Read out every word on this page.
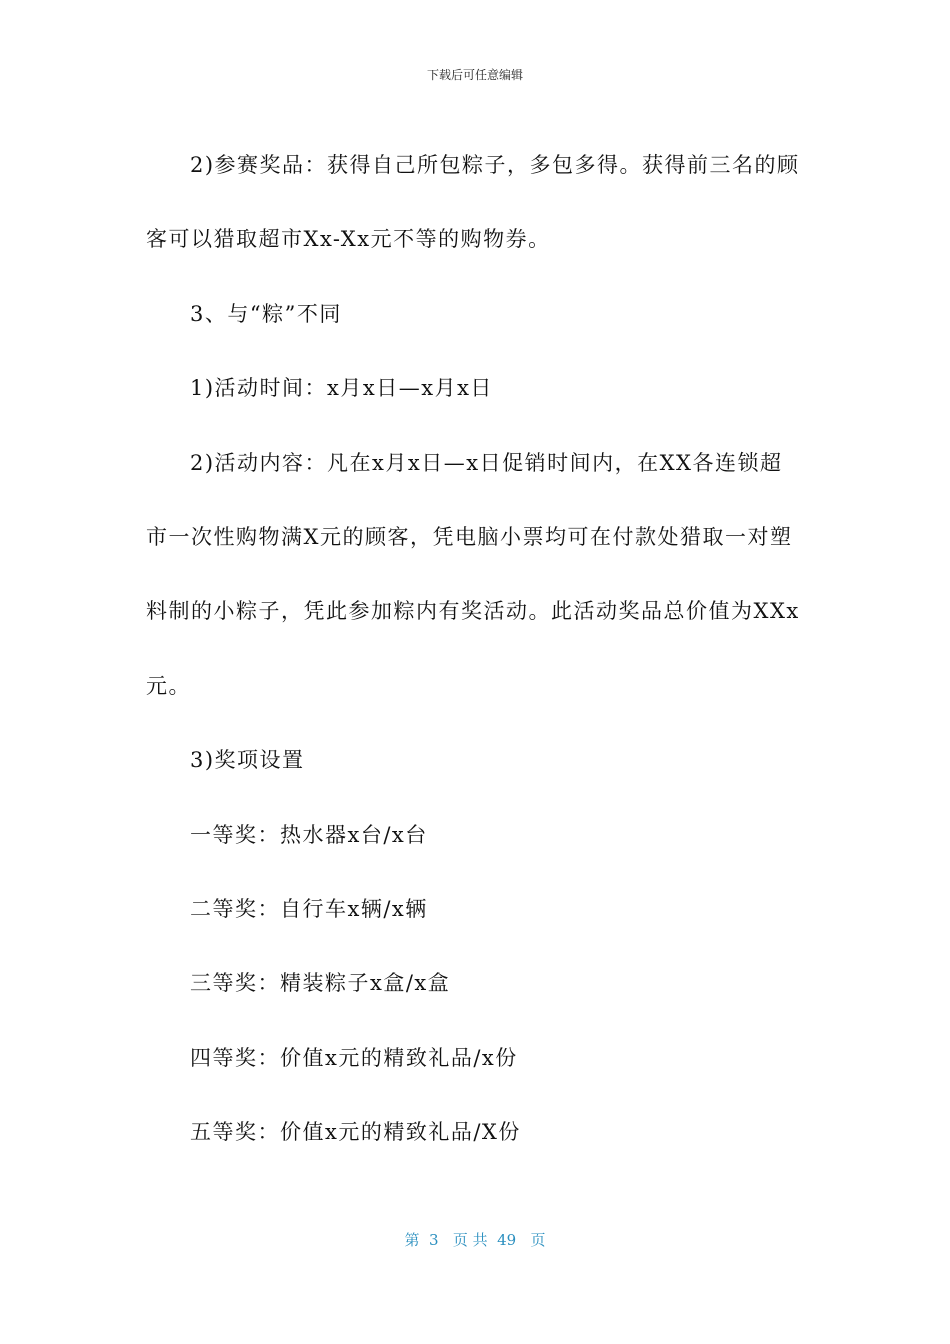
下载后可任意编辑
2)参赛奖品：获得自己所包粽子，多包多得。获得前三名的顾
客可以猎取超市Xx-Xx元不等的购物券。
3、与“粽”不同
1)活动时间：x月x日—x月x日
2)活动内容：凡在x月x日—x日促销时间内，在XX各连锁超
市一次性购物满X元的顾客，凭电脑小票均可在付款处猎取一对塑
料制的小粽子，凭此参加粽内有奖活动。此活动奖品总价值为XXx
元。
3)奖项设置
一等奖：热水器x台/x台
二等奖：自行车x辆/x辆
三等奖：精装粽子x盒/x盒
四等奖：价值x元的精致礼品/x份
五等奖：价值x元的精致礼品/X份
第  3   页 共  49   页
